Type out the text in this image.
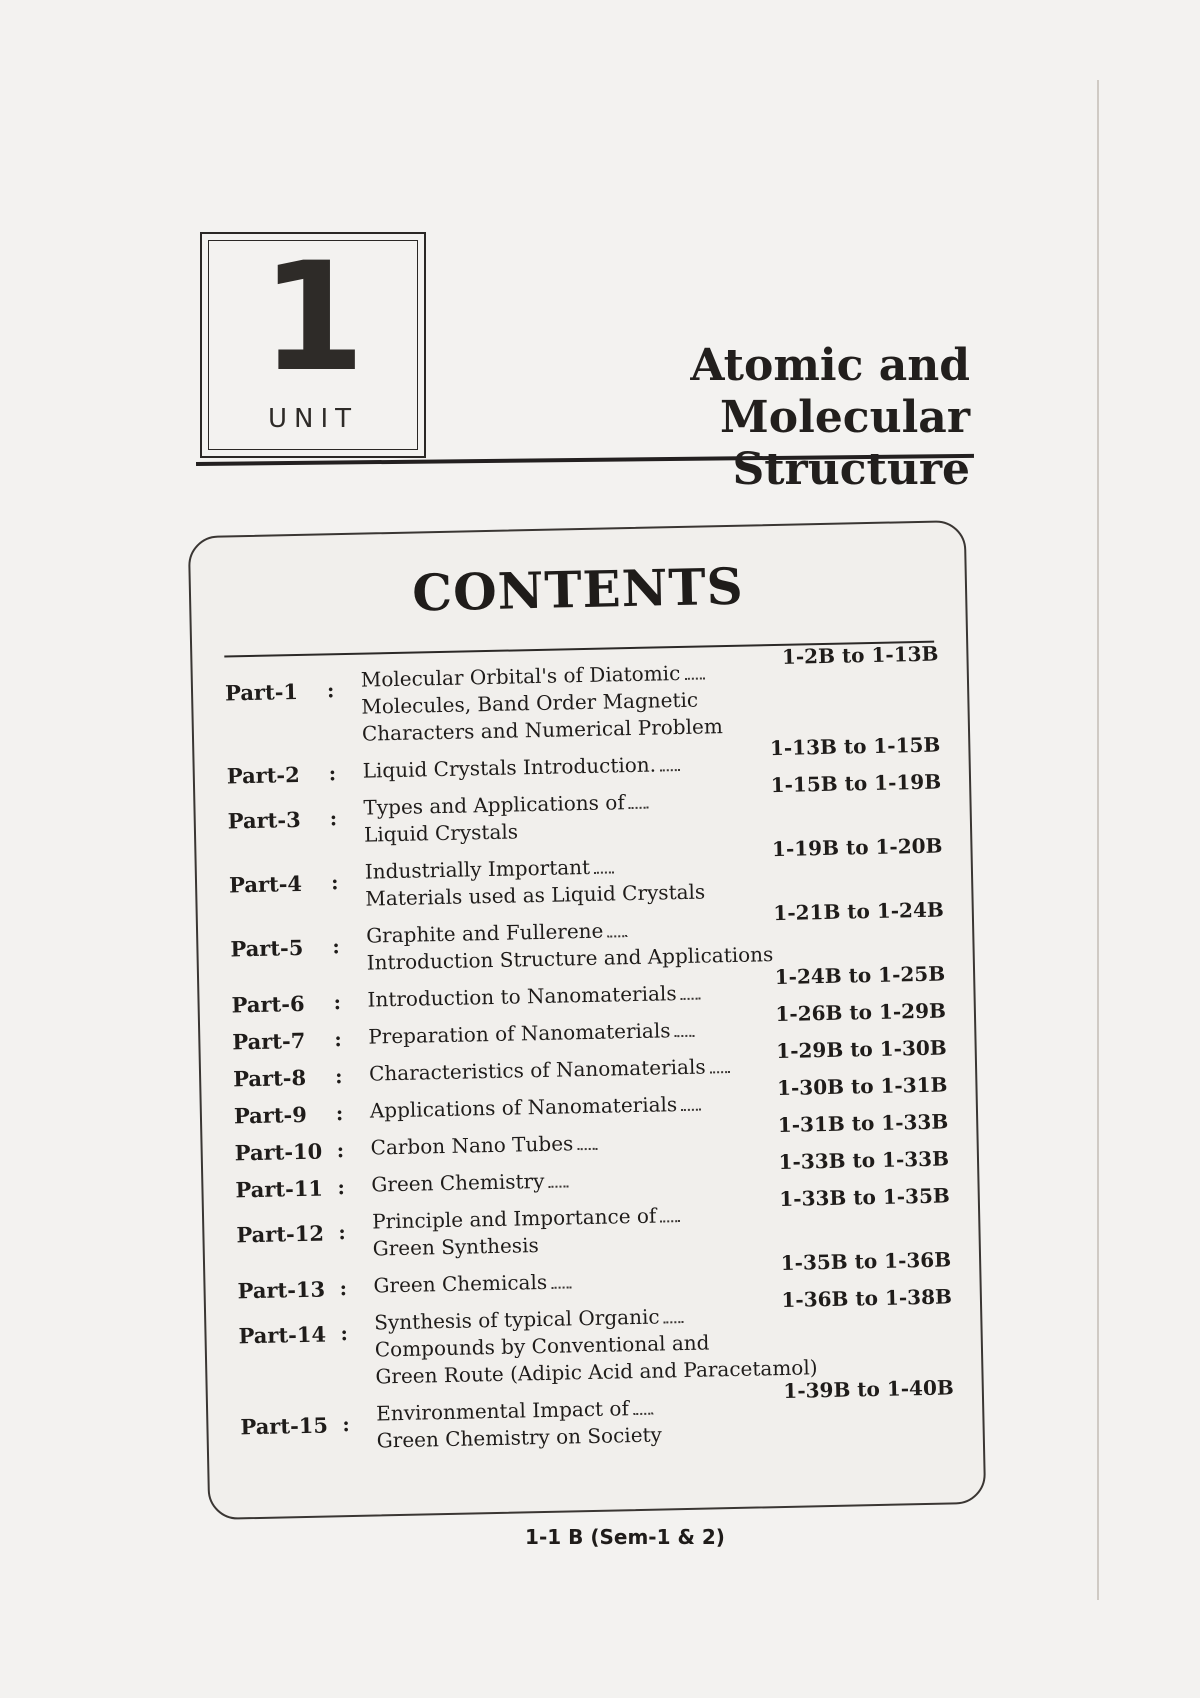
1
UNIT
Atomic and Molecular
Structure
CONTENTS
Part-1	: Molecular Orbital's of Diatomic
Molecules, Band Order Magnetic
Characters and Numerical Problem
1-2B to 1-13B
Part-2	: Liquid Crystals Introduction.
1-13B to 1-15B
Part-3	: Types and Applications of
Liquid Crystals
1-15B to 1-19B
Part-4	: Industrially Important
Materials used as Liquid Crystals
1-19B to 1-20B
Part-5	: Graphite and Fullerene
Introduction Structure and Applications
1-21B to 1-24B
Part-6	: Introduction to Nanomaterials
1-24B to 1-25B
Part-7	: Preparation of Nanomaterials
1-26B to 1-29B
Part-8	: Characteristics of Nanomaterials
1-29B to 1-30B
Part-9	: Applications of Nanomaterials
1-30B to 1-31B
Part-10 : Carbon Nano Tubes
1-31B to 1-33B
Part-11 : Green Chemistry
1-33B to 1-33B
Part-12 : Principle and Importance of
Green Synthesis
1-33B to 1-35B
Part-13 : Green Chemicals
1-35B to 1-36B
Part-14 : Synthesis of typical Organic
Compounds by Conventional and
Green Route (Adipic Acid and Paracetamol)
1-36B to 1-38B
Part-15 : Environmental Impact of
Green Chemistry on Society
1-39B to 1-40B
1-1 B (Sem-1 & 2)
